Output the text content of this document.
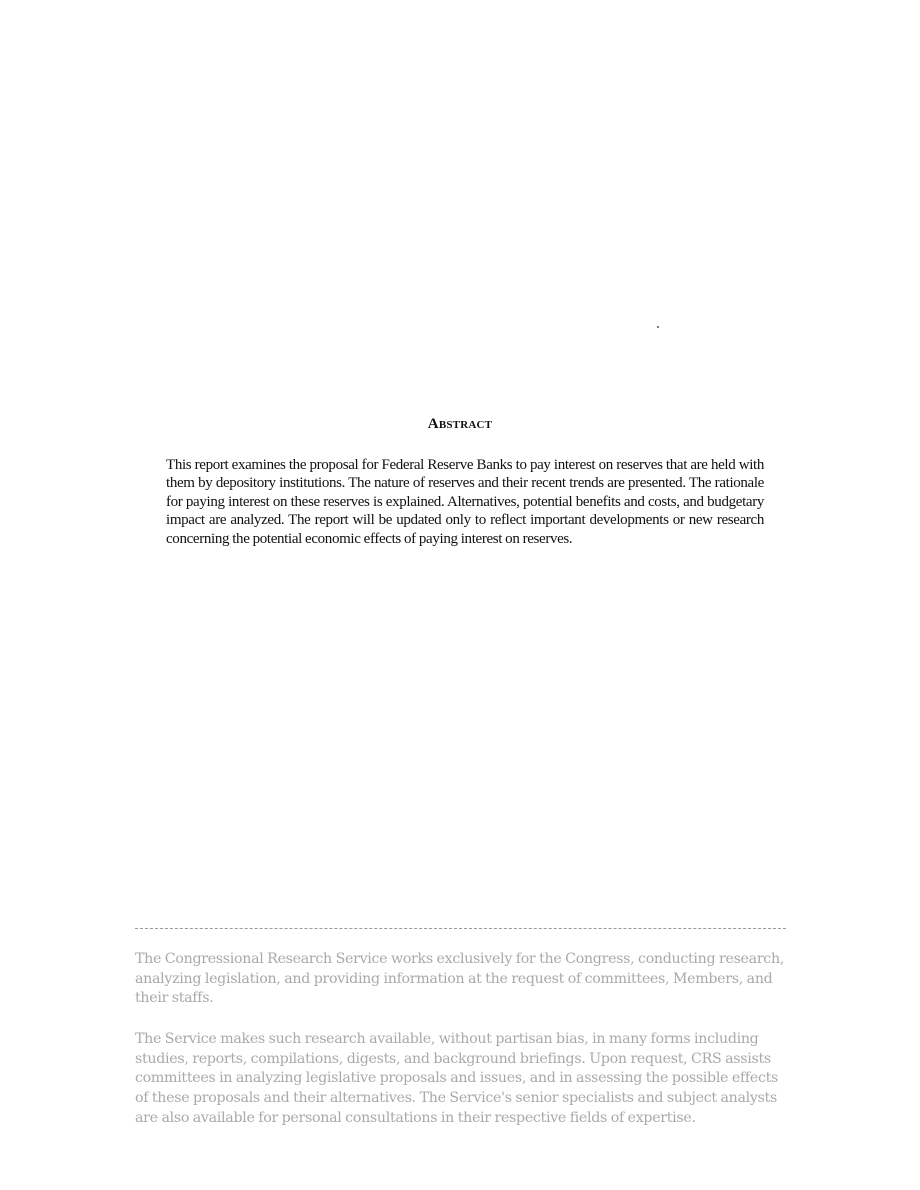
Abstract

This report examines the proposal for Federal Reserve Banks to pay interest on reserves that are held with them by depository institutions. The nature of reserves and their recent trends are presented. The rationale for paying interest on these reserves is explained. Alternatives, potential benefits and costs, and budgetary impact are analyzed. The report will be updated only to reflect important developments or new research concerning the potential economic effects of paying interest on reserves.

The Congressional Research Service works exclusively for the Congress, conducting research, analyzing legislation, and providing information at the request of committees, Members, and their staffs.

The Service makes such research available, without partisan bias, in many forms including studies, reports, compilations, digests, and background briefings. Upon request, CRS assists committees in analyzing legislative proposals and issues, and in assessing the possible effects of these proposals and their alternatives. The Service's senior specialists and subject analysts are also available for personal consultations in their respective fields of expertise.
